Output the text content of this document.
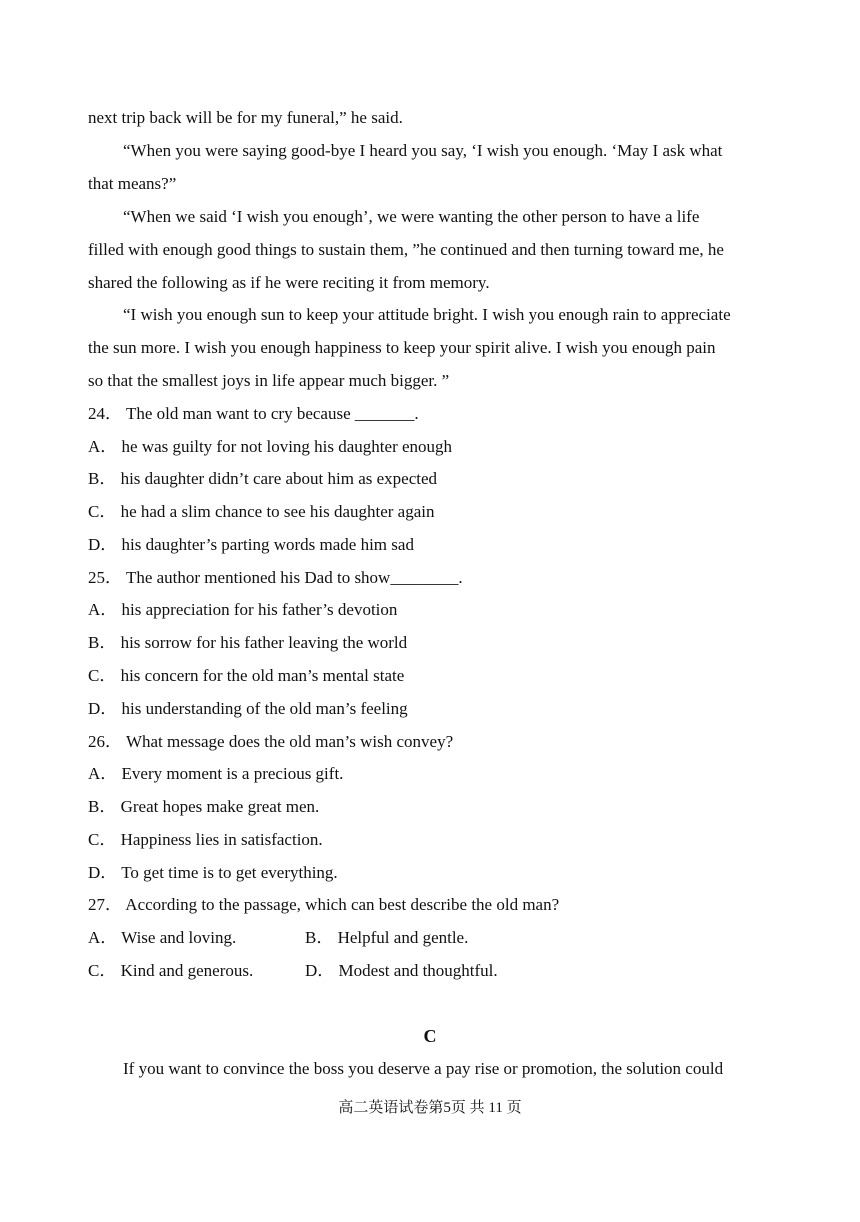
next trip back will be for my funeral,” he said.
“When you were saying good-bye I heard you say, ‘I wish you enough. ‘May I ask what
that means?”
“When we said ‘I wish you enough’, we were wanting the other person to have a life
filled with enough good things to sustain them, ”he continued and then turning toward me, he
shared the following as if he were reciting it from memory.
“I wish you enough sun to keep your attitude bright. I wish you enough rain to appreciate
the sun more. I wish you enough happiness to keep your spirit alive. I wish you enough pain
so that the smallest joys in life appear much bigger. ”
24． The old man want to cry because _______.
A． he was guilty for not loving his daughter enough
B． his daughter didn’t care about him as expected
C． he had a slim chance to see his daughter again
D． his daughter’s parting words made him sad
25． The author mentioned his Dad to show________.
A． his appreciation for his father’s devotion
B． his sorrow for his father leaving the world
C． his concern for the old man’s mental state
D． his understanding of the old man’s feeling
26． What message does the old man’s wish convey?
A． Every moment is a precious gift.
B． Great hopes make great men.
C． Happiness lies in satisfaction.
D． To get time is to get everything.
27． According to the passage, which can best describe the old man?
A． Wise and loving.	B． Helpful and gentle.
C． Kind and generous.	D． Modest and thoughtful.
C
If you want to convince the boss you deserve a pay rise or promotion, the solution could
高二英语试卷第5页 共 11 页
